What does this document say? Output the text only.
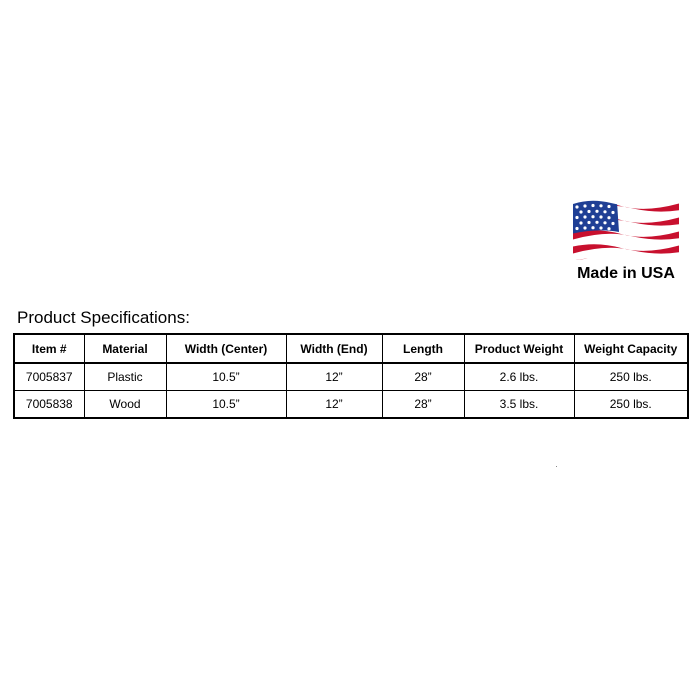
Made in USA
Product Specifications:
Item #	Material	Width (Center)	Width (End)	Length	Product Weight	Weight Capacity
7005837	Plastic	10.5”	12”	28”	2.6 lbs.	250 lbs.
7005838	Wood	10.5”	12”	28”	3.5 lbs.	250 lbs.
